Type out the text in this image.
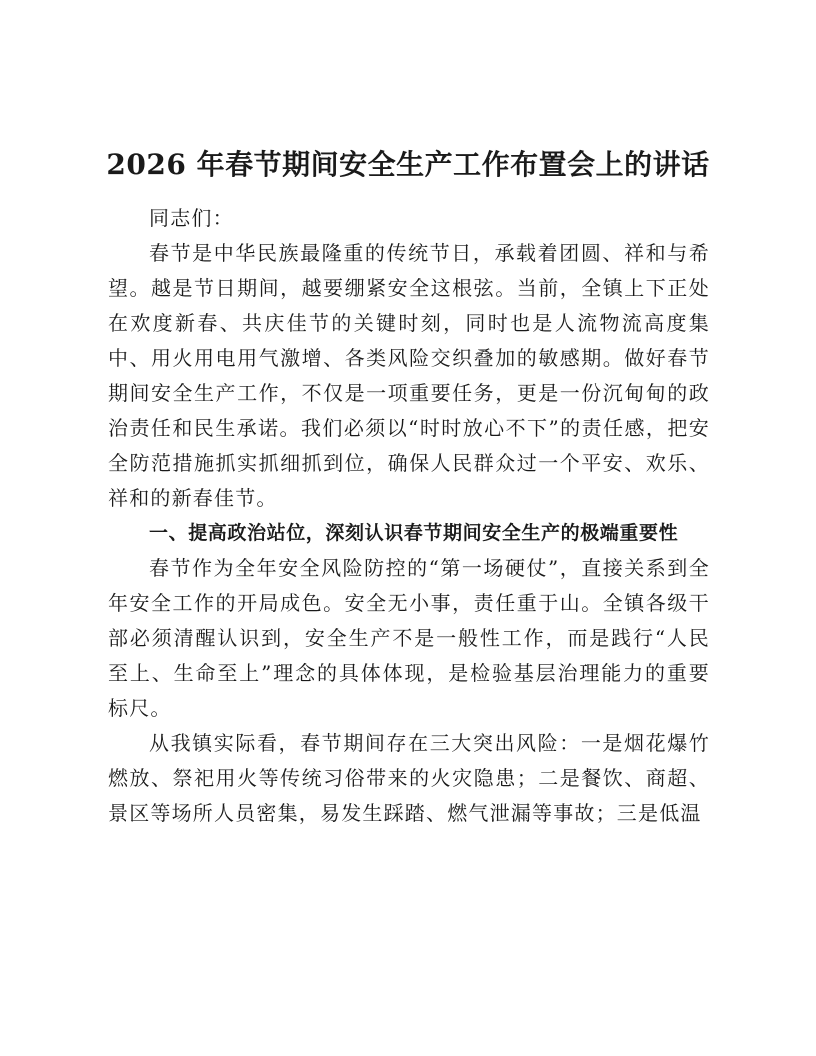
2026 年春节期间安全生产工作布置会上的讲话

同志们：

春节是中华民族最隆重的传统节日，承载着团圆、祥和与希望。越是节日期间，越要绷紧安全这根弦。当前，全镇上下正处在欢度新春、共庆佳节的关键时刻，同时也是人流物流高度集中、用火用电用气激增、各类风险交织叠加的敏感期。做好春节期间安全生产工作，不仅是一项重要任务，更是一份沉甸甸的政治责任和民生承诺。我们必须以“时时放心不下”的责任感，把安全防范措施抓实抓细抓到位，确保人民群众过一个平安、欢乐、祥和的新春佳节。

一、提高政治站位，深刻认识春节期间安全生产的极端重要性

春节作为全年安全风险防控的“第一场硬仗”，直接关系到全年安全工作的开局成色。安全无小事，责任重于山。全镇各级干部必须清醒认识到，安全生产不是一般性工作，而是践行“人民至上、生命至上”理念的具体体现，是检验基层治理能力的重要标尺。

从我镇实际看，春节期间存在三大突出风险：一是烟花爆竹燃放、祭祀用火等传统习俗带来的火灾隐患；二是餐饮、商超、景区等场所人员密集，易发生踩踏、燃气泄漏等事故；三是低温
